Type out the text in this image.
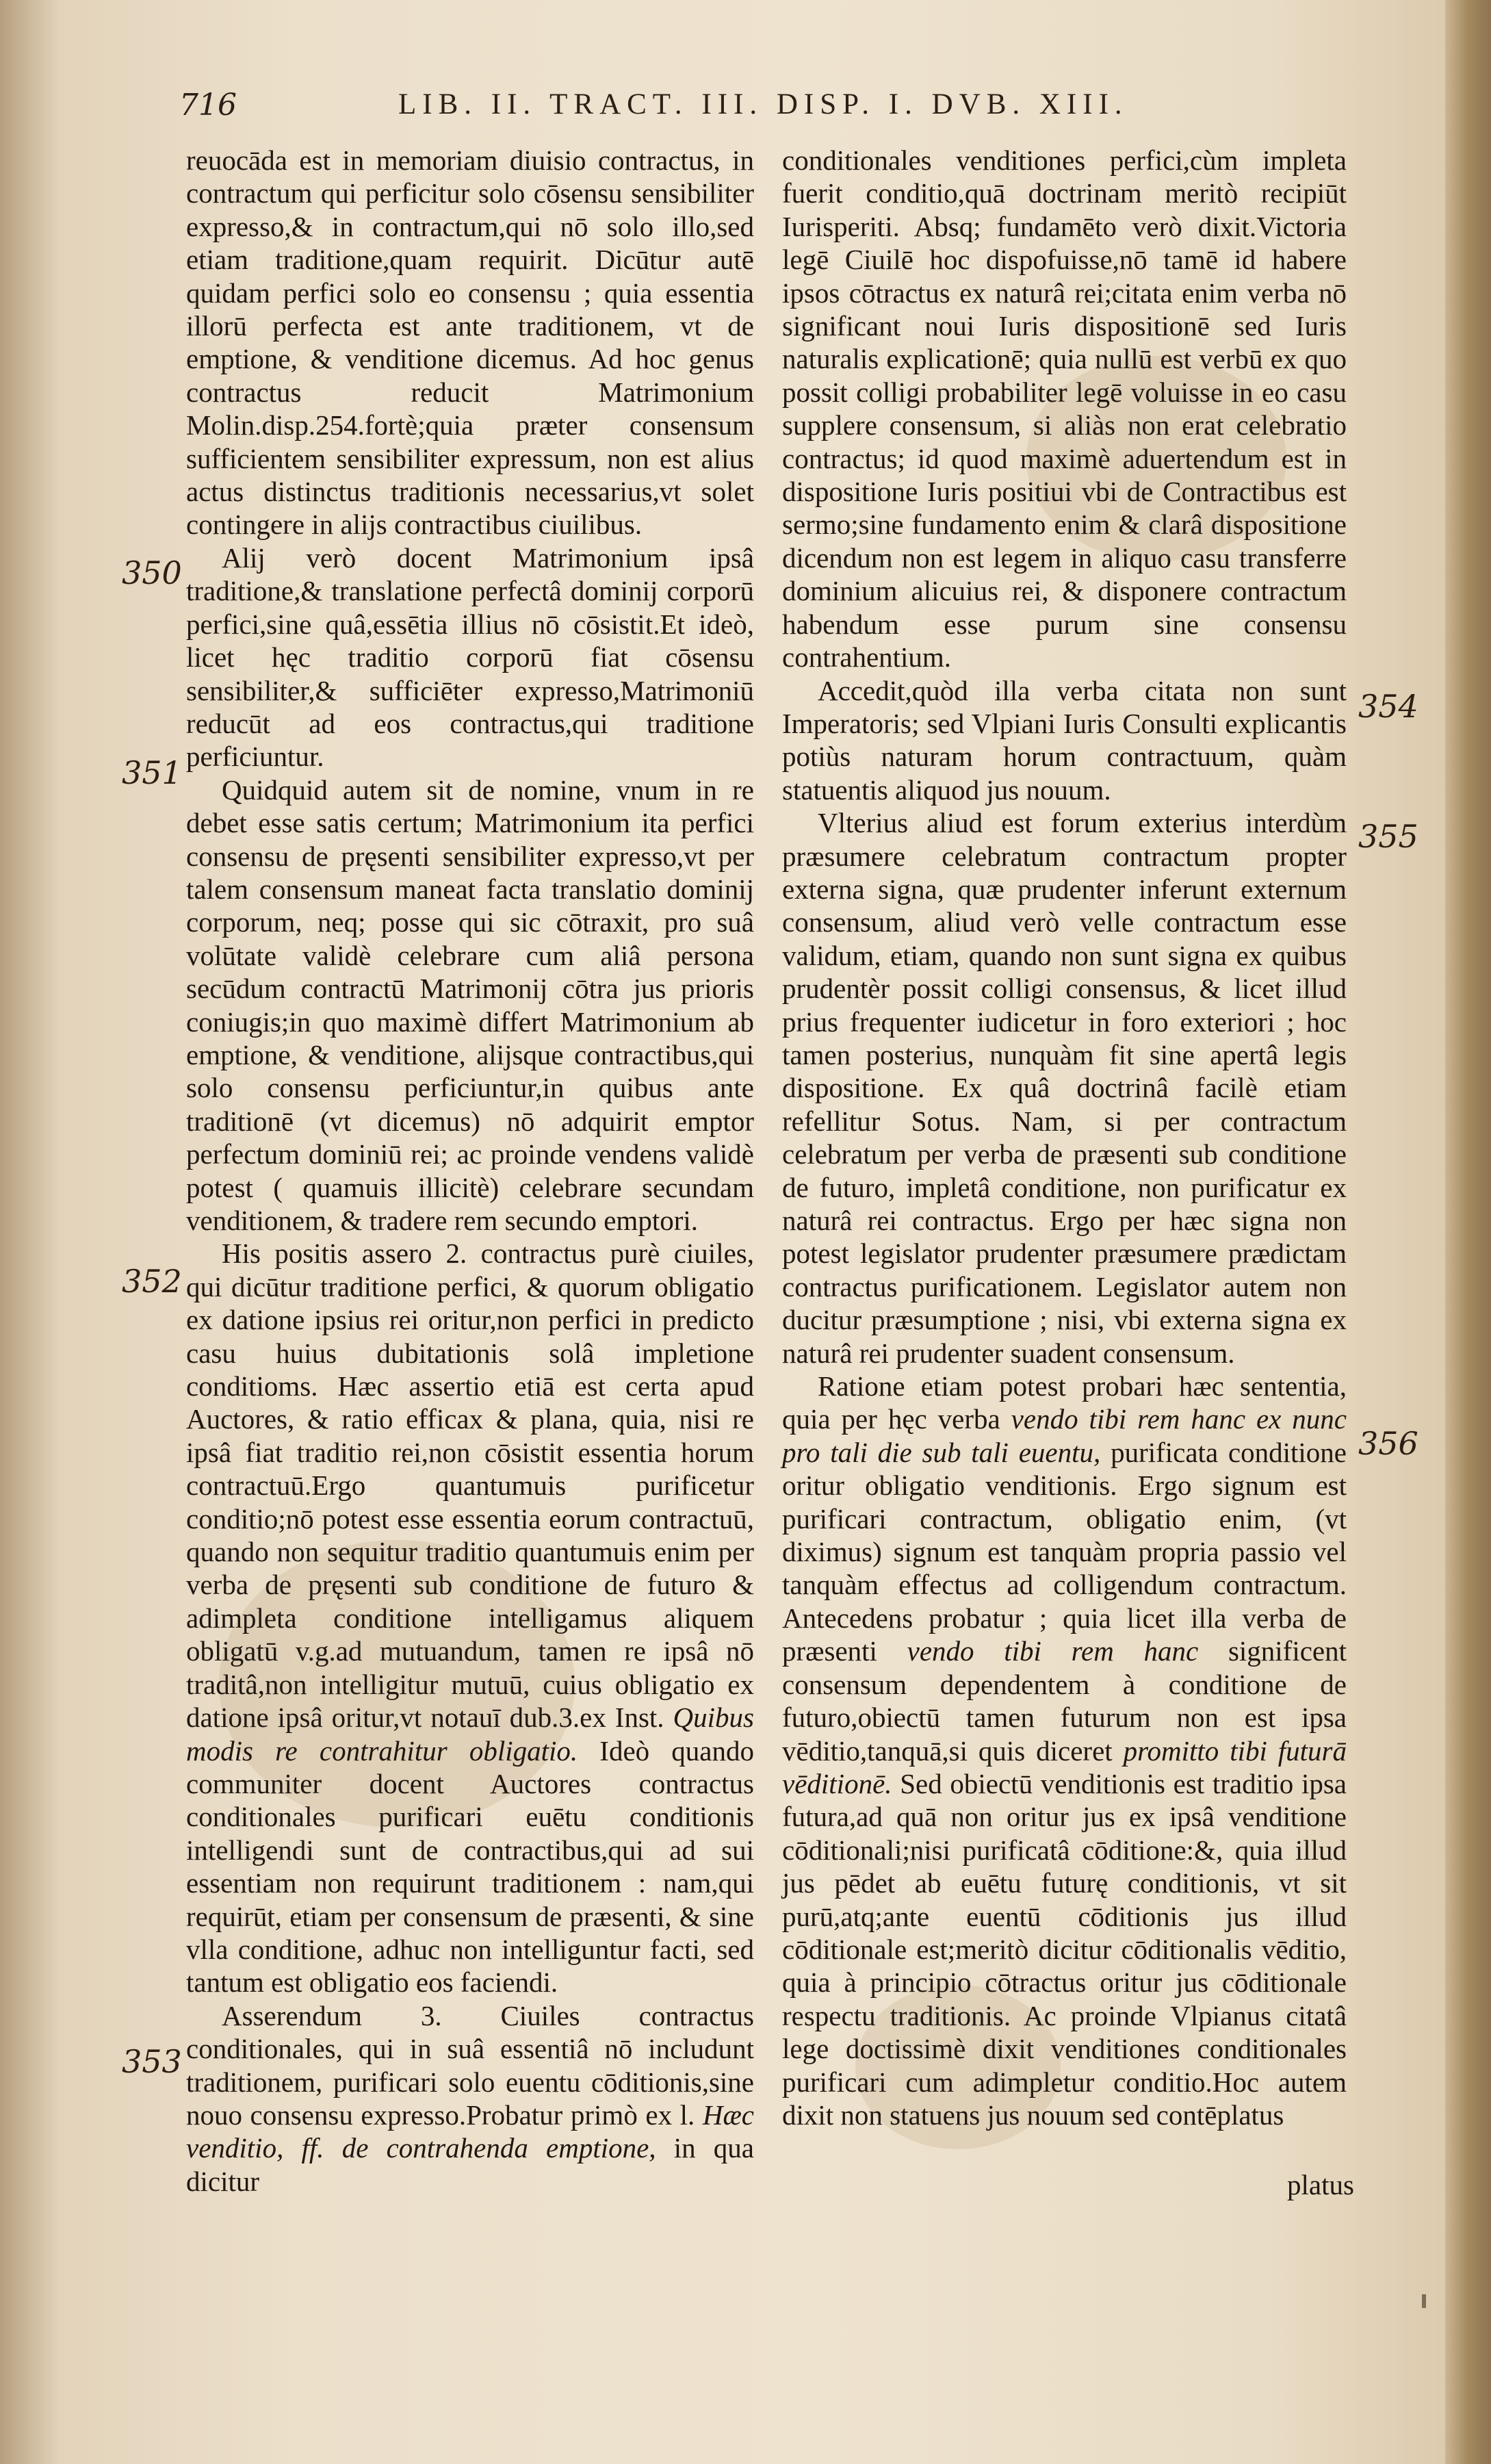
716	LIB. II. TRACT. III. DISP. I. DVB. XIII.

reuocāda est in memoriam diuisio contractus, in contractum qui perficitur solo cōsensu sensibiliter expresso,& in contractum,qui nō solo illo,sed etiam traditione,quam requirit. Dicūtur autē quidam perfici solo eo consensu ; quia essentia illorū perfecta est ante traditionem, vt de emptione, & venditione dicemus. Ad hoc genus contractus reducit Matrimonium Molin.disp.254.fortè;quia præter consensum sufficientem sensibiliter expressum, non est alius actus distinctus traditionis necessarius,vt solet contingere in alijs contractibus ciuilibus.

Alij verò docent Matrimonium ipsâ traditione,& translatione perfectâ dominij corporū perfici,sine quâ,essētia illius nō cōsistit.Et ideò, licet hęc traditio corporū fiat cōsensu sensibiliter,& sufficiēter expresso,Matrimoniū reducūt ad eos contractus,qui traditione perficiuntur.

Quidquid autem sit de nomine, vnum in re debet esse satis certum; Matrimonium ita perfici consensu de pręsenti sensibiliter expresso,vt per talem consensum maneat facta translatio dominij corporum, neq; posse qui sic cōtraxit, pro suâ volūtate validè celebrare cum aliâ persona secūdum contractū Matrimonij cōtra jus prioris coniugis;in quo maximè differt Matrimonium ab emptione, & venditione, alijsque contractibus,qui solo consensu perficiuntur,in quibus ante traditionē (vt dicemus) nō adquirit emptor perfectum dominiū rei; ac proinde vendens validè potest ( quamuis illicitè) celebrare secundam venditionem, & tradere rem secundo emptori.

His positis assero 2. contractus purè ciuiles, qui dicūtur traditione perfici, & quorum obligatio ex datione ipsius rei oritur,non perfici in predicto casu huius dubitationis solâ impletione conditioms. Hæc assertio etiā est certa apud Auctores, & ratio efficax & plana, quia, nisi re ipsâ fiat traditio rei,non cōsistit essentia horum contractuū.Ergo quantumuis purificetur conditio;nō potest esse essentia eorum contractuū, quando non sequitur traditio quantumuis enim per verba de pręsenti sub conditione de futuro & adimpleta conditione intelligamus aliquem obligatū v.g.ad mutuandum, tamen re ipsâ nō traditâ,non intelligitur mutuū, cuius obligatio ex datione ipsâ oritur,vt notauī dub.3.ex Inst. Quibus modis re contrahitur obligatio. Ideò quando communiter docent Auctores contractus conditionales purificari euētu conditionis intelligendi sunt de contractibus,qui ad sui essentiam non requirunt traditionem : nam,qui requirūt, etiam per consensum de præsenti, & sine vlla conditione, adhuc non intelliguntur facti, sed tantum est obligatio eos faciendi.

Asserendum 3. Ciuiles contractus conditionales, qui in suâ essentiâ nō includunt traditionem, purificari solo euentu cōditionis,sine nouo consensu expresso.Probatur primò ex l. Hæc venditio, ff. de contrahenda emptione, in qua dicitur

conditionales venditiones perfici,cùm impleta fuerit conditio,quā doctrinam meritò recipiūt Iurisperiti. Absq; fundamēto verò dixit.Victoria legē Ciuilē hoc dispofuisse,nō tamē id habere ipsos cōtractus ex naturâ rei;citata enim verba nō significant noui Iuris dispositionē sed Iuris naturalis explicationē; quia nullū est verbū ex quo possit colligi probabiliter legē voluisse in eo casu supplere consensum, si aliàs non erat celebratio contractus; id quod maximè aduertendum est in dispositione Iuris positiui vbi de Contractibus est sermo;sine fundamento enim & clarâ dispositione dicendum non est legem in aliquo casu transferre dominium alicuius rei, & disponere contractum habendum esse purum sine consensu contrahentium.

Accedit,quòd illa verba citata non sunt Imperatoris; sed Vlpiani Iuris Consulti explicantis potiùs naturam horum contractuum, quàm statuentis aliquod jus nouum.

Vlterius aliud est forum exterius interdùm præsumere celebratum contractum propter externa signa, quæ prudenter inferunt externum consensum, aliud verò velle contractum esse validum, etiam, quando non sunt signa ex quibus prudentèr possit colligi consensus, & licet illud prius frequenter iudicetur in foro exteriori ; hoc tamen posterius, nunquàm fit sine apertâ legis dispositione. Ex quâ doctrinâ facilè etiam refellitur Sotus. Nam, si per contractum celebratum per verba de præsenti sub conditione de futuro, impletâ conditione, non purificatur ex naturâ rei contractus. Ergo per hæc signa non potest legislator prudenter præsumere prædictam contractus purificationem. Legislator autem non ducitur præsumptione ; nisi, vbi externa signa ex naturâ rei prudenter suadent consensum.

Ratione etiam potest probari hæc sententia, quia per hęc verba vendo tibi rem hanc ex nunc pro tali die sub tali euentu, purificata conditione oritur obligatio venditionis. Ergo signum est purificari contractum, obligatio enim, (vt diximus) signum est tanquàm propria passio vel tanquàm effectus ad colligendum contractum. Antecedens probatur ; quia licet illa verba de præsenti vendo tibi rem hanc significent consensum dependentem à conditione de futuro,obiectū tamen futurum non est ipsa vēditio,tanquā,si quis diceret promitto tibi futurā vēditionē. Sed obiectū venditionis est traditio ipsa futura,ad quā non oritur jus ex ipsâ venditione cōditionali;nisi purificatâ cōditione:&, quia illud jus pēdet ab euētu futurę conditionis, vt sit purū,atq;ante euentū cōditionis jus illud cōditionale est;meritò dicitur cōditionalis vēditio, quia à principio cōtractus oritur jus cōditionale respectu traditionis. Ac proinde Vlpianus citatâ lege doctissimè dixit venditiones conditionales purificari cum adimpletur conditio.Hoc autem dixit non statuens jus nouum sed contēplatus

350
351
352
353
354
355
356
platus
